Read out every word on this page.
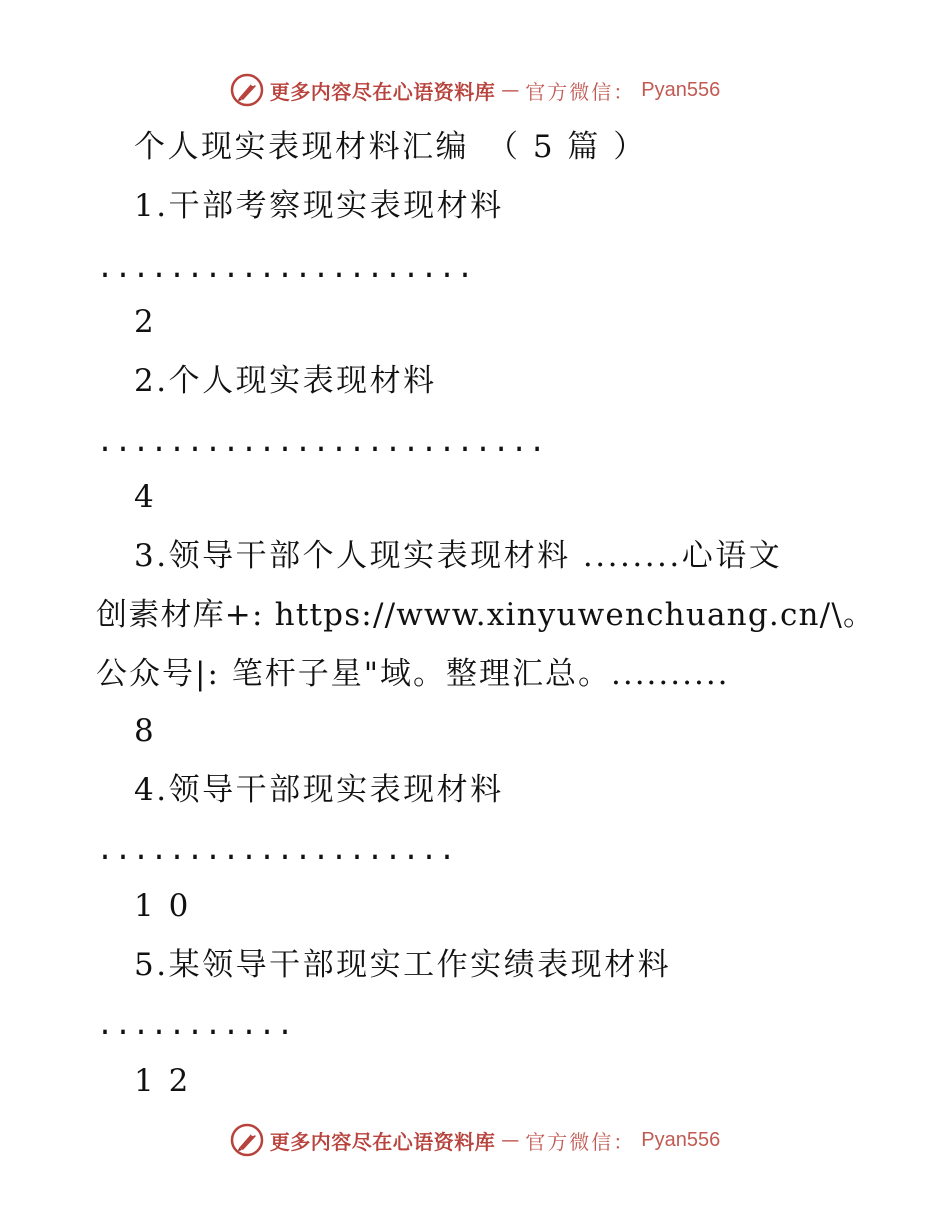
更多内容尽在心语资料库 — 官方微信： Pyan556
个人现实表现材料汇编　（ 5 篇 ）
1.干部考察现实表现材料
.....................
2
2.个人现实表现材料
.........................
4
3.领导干部个人现实表现材料 ........心语文
创素材库+: https://www.xinyuwenchuang.cn/\。
公众号|: 笔杆子星"域。整理汇总。..........
8
4.领导干部现实表现材料
....................
1 0
5.某领导干部现实工作实绩表现材料
...........
1 2
更多内容尽在心语资料库 — 官方微信： Pyan556
